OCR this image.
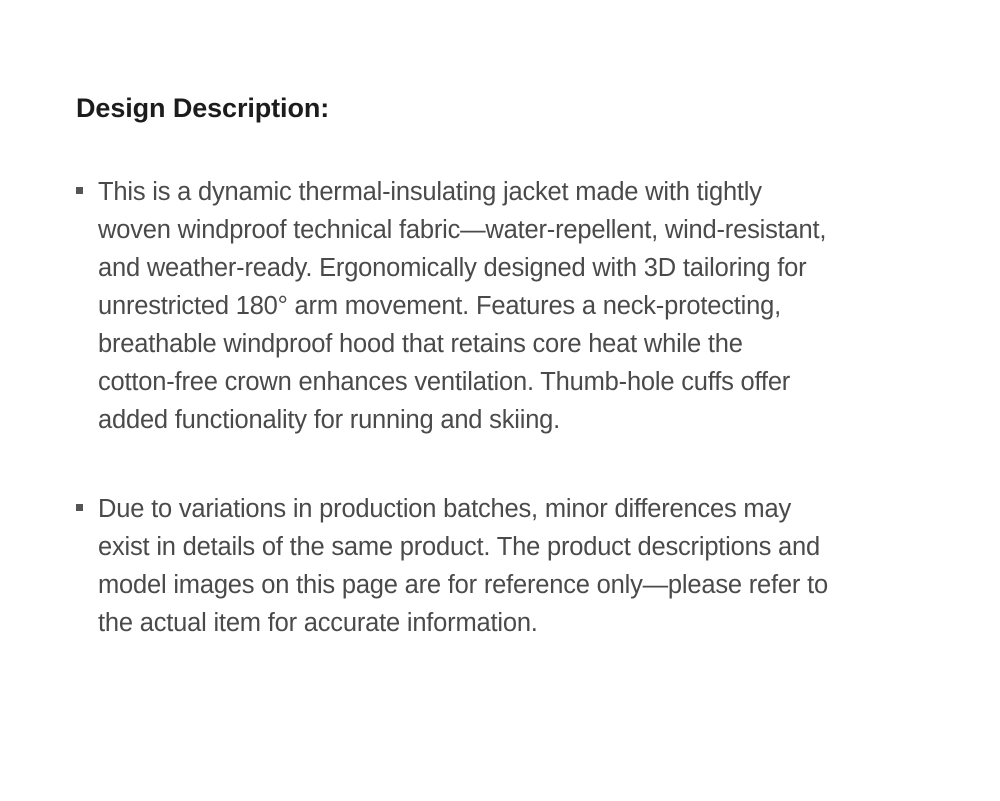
Design Description:
This is a dynamic thermal-insulating jacket made with tightly
woven windproof technical fabric—water-repellent, wind-resistant,
and weather-ready. Ergonomically designed with 3D tailoring for
unrestricted 180° arm movement. Features a neck-protecting,
breathable windproof hood that retains core heat while the
cotton-free crown enhances ventilation. Thumb-hole cuffs offer
added functionality for running and skiing.
Due to variations in production batches, minor differences may
exist in details of the same product. The product descriptions and
model images on this page are for reference only—please refer to
the actual item for accurate information.
